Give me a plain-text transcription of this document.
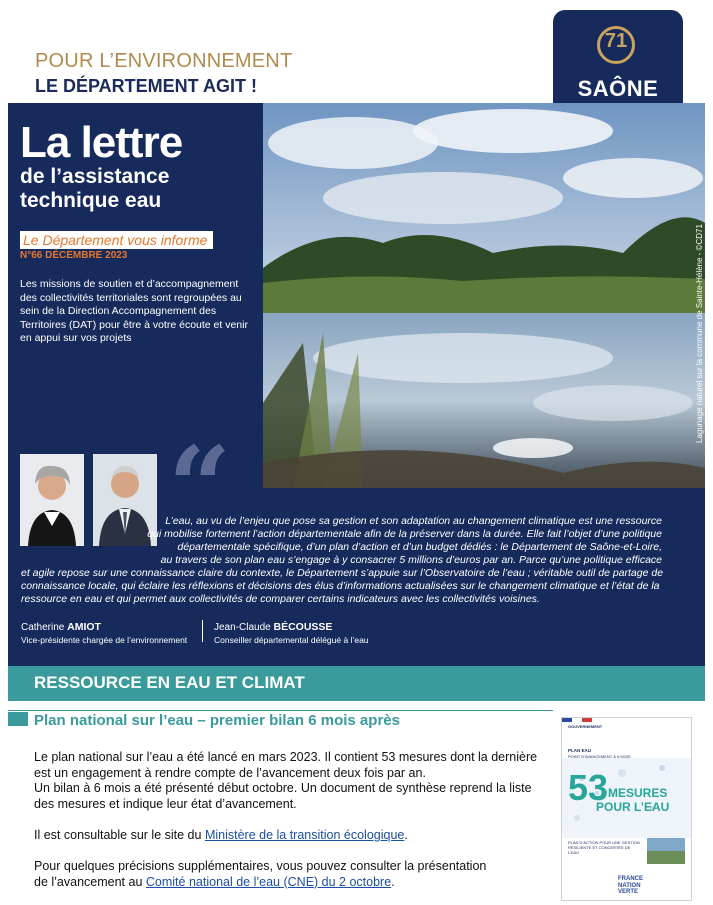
POUR L’ENVIRONNEMENT
LE DÉPARTEMENT AGIT !
71
SAÔNE
Lagunage naturel sur la commune de Sainte-Hélène - ©CD71
La lettre
de l’assistance
technique eau
Le Département vous informe
N°66 DÉCEMBRE 2023
Les missions de soutien et d’accompagnement des collectivités territoriales sont regroupées au sein de la Direction Accompagnement des Territoires (DAT) pour être à votre écoute et venir en appui sur vos projets
“
L’eau, au vu de l’enjeu que pose sa gestion et son adaptation au changement climatique est une ressource
qui mobilise fortement l’action départementale afin de la préserver dans la durée. Elle fait l’objet d’une politique
départementale spécifique, d’un plan d’action et d’un budget dédiés : le Département de Saône-et-Loire,
au travers de son plan eau s’engage à y consacrer 5 millions d’euros par an. Parce qu’une politique efficace
et agile repose sur une connaissance claire du contexte, le Département s’appuie sur l’Observatoire de l’eau ; véritable outil de partage de
connaissance locale, qui éclaire les réflexions et décisions des élus d’informations actualisées sur le changement climatique et l’état de la
ressource en eau et qui permet aux collectivités de comparer certains indicateurs avec les collectivités voisines.
Catherine AMIOT
Vice-présidente chargée de l’environnement
Jean-Claude BÉCOUSSE
Conseiller départemental délégué à l’eau
RESSOURCE EN EAU ET CLIMAT
Plan national sur l’eau – premier bilan 6 mois après
Le plan national sur l’eau a été lancé en mars 2023. Il contient 53 mesures dont la dernière
est un engagement à rendre compte de l’avancement deux fois par an.
Un bilan à 6 mois a été présenté début octobre. Un document de synthèse reprend la liste
des mesures et indique leur état d’avancement.
Il est consultable sur le site du Ministère de la transition écologique.
Pour quelques précisions supplémentaires, vous pouvez consulter la présentation
de l’avancement au Comité national de l’eau (CNE) du 2 octobre.
GOUVERNEMENT
PLAN EAU
POINT D’AVANCEMENT À 6 MOIS
53 MESURES
POUR L’EAU
PLAN D’ACTION POUR UNE GESTION RÉSILIENTE ET CONCERTÉE DE L’EAU
FRANCE
NATION
VERTE
